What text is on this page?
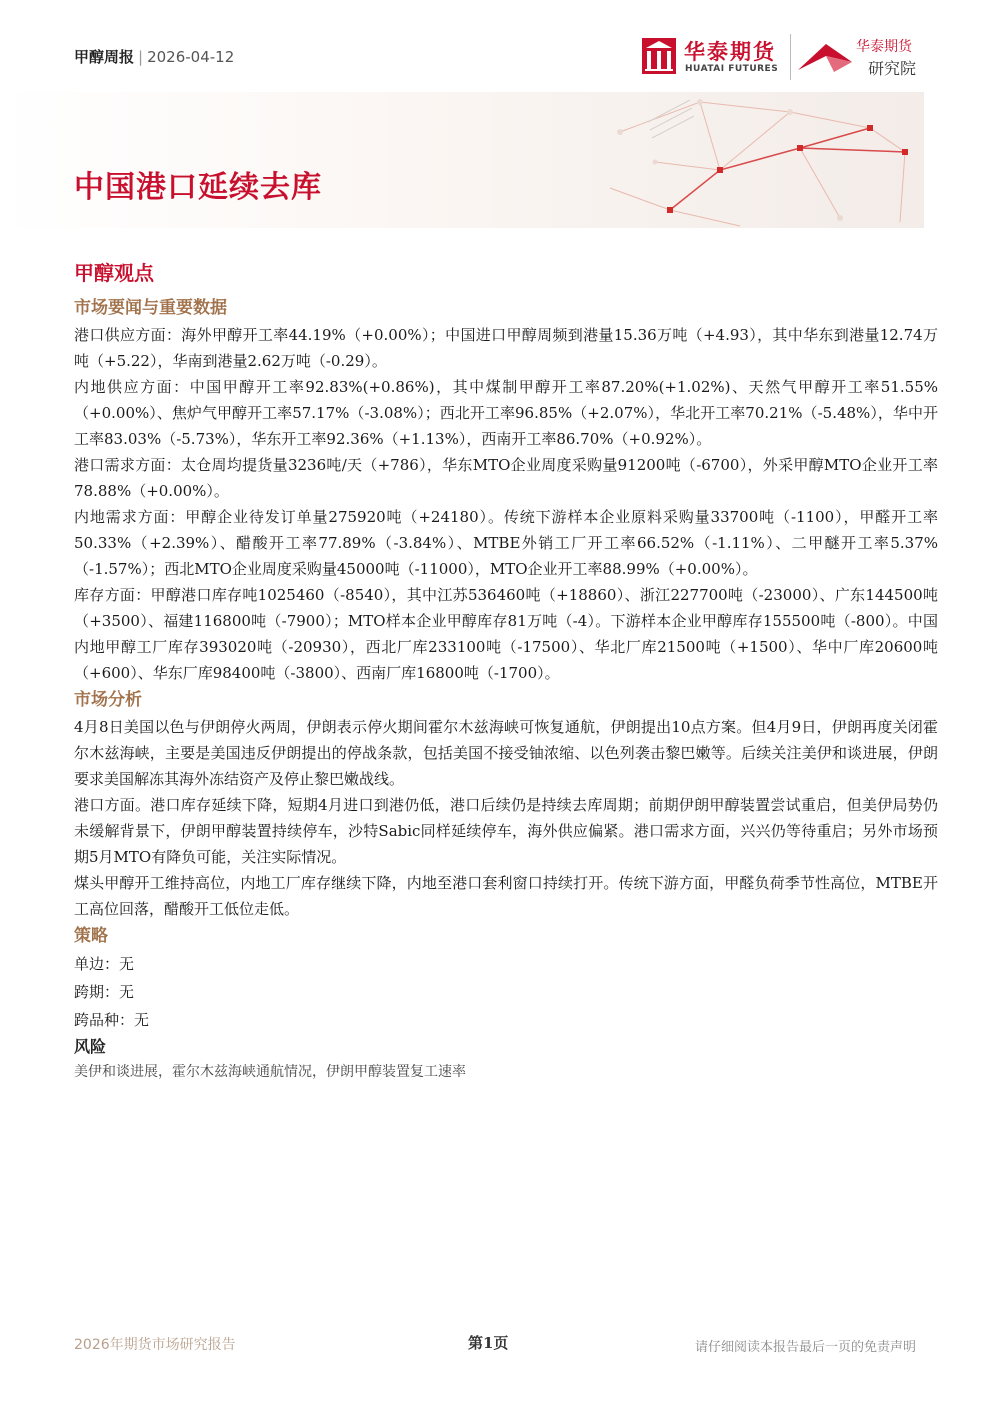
甲醇周报 | 2026-04-12	华泰期货
HUATAI FUTURES
华泰期货
研究院
中国港口延续去库
甲醇观点
市场要闻与重要数据

港口供应方面：海外甲醇开工率44.19%（+0.00%）；中国进口甲醇周频到港量15.36万吨（+4.93），其中华东到港量12.74万吨（+5.22），华南到港量2.62万吨（-0.29）。

内地供应方面：中国甲醇开工率92.83%(+0.86%)，其中煤制甲醇开工率87.20%(+1.02%)、天然气甲醇开工率51.55%（+0.00%）、焦炉气甲醇开工率57.17%（-3.08%）；西北开工率96.85%（+2.07%），华北开工率70.21%（-5.48%），华中开工率83.03%（-5.73%），华东开工率92.36%（+1.13%），西南开工率86.70%（+0.92%）。

港口需求方面：太仓周均提货量3236吨/天（+786），华东MTO企业周度采购量91200吨（-6700），外采甲醇MTO企业开工率78.88%（+0.00%）。

内地需求方面：甲醇企业待发订单量275920吨（+24180）。传统下游样本企业原料采购量33700吨（-1100），甲醛开工率50.33%（+2.39%）、醋酸开工率77.89%（-3.84%）、MTBE外销工厂开工率66.52%（-1.11%）、二甲醚开工率5.37%（-1.57%）；西北MTO企业周度采购量45000吨（-11000），MTO企业开工率88.99%（+0.00%）。

库存方面：甲醇港口库存吨1025460（-8540），其中江苏536460吨（+18860）、浙江227700吨（-23000）、广东144500吨（+3500）、福建116800吨（-7900）；MTO样本企业甲醇库存81万吨（-4）。下游样本企业甲醇库存155500吨（-800）。中国内地甲醇工厂库存393020吨（-20930），西北厂库233100吨（-17500）、华北厂库21500吨（+1500）、华中厂库20600吨（+600）、华东厂库98400吨（-3800）、西南厂库16800吨（-1700）。

市场分析

4月8日美国以色与伊朗停火两周，伊朗表示停火期间霍尔木兹海峡可恢复通航，伊朗提出10点方案。但4月9日，伊朗再度关闭霍尔木兹海峡，主要是美国违反伊朗提出的停战条款，包括美国不接受铀浓缩、以色列袭击黎巴嫩等。后续关注美伊和谈进展，伊朗要求美国解冻其海外冻结资产及停止黎巴嫩战线。

港口方面。港口库存延续下降，短期4月进口到港仍低，港口后续仍是持续去库周期；前期伊朗甲醇装置尝试重启，但美伊局势仍未缓解背景下，伊朗甲醇装置持续停车，沙特Sabic同样延续停车，海外供应偏紧。港口需求方面，兴兴仍等待重启；另外市场预期5月MTO有降负可能，关注实际情况。

煤头甲醇开工维持高位，内地工厂库存继续下降，内地至港口套利窗口持续打开。传统下游方面，甲醛负荷季节性高位，MTBE开工高位回落，醋酸开工低位走低。

策略

单边：无

跨期：无

跨品种：无

风险
美伊和谈进展，霍尔木兹海峡通航情况，伊朗甲醇装置复工速率
2026年期货市场研究报告	第1页	请仔细阅读本报告最后一页的免责声明
